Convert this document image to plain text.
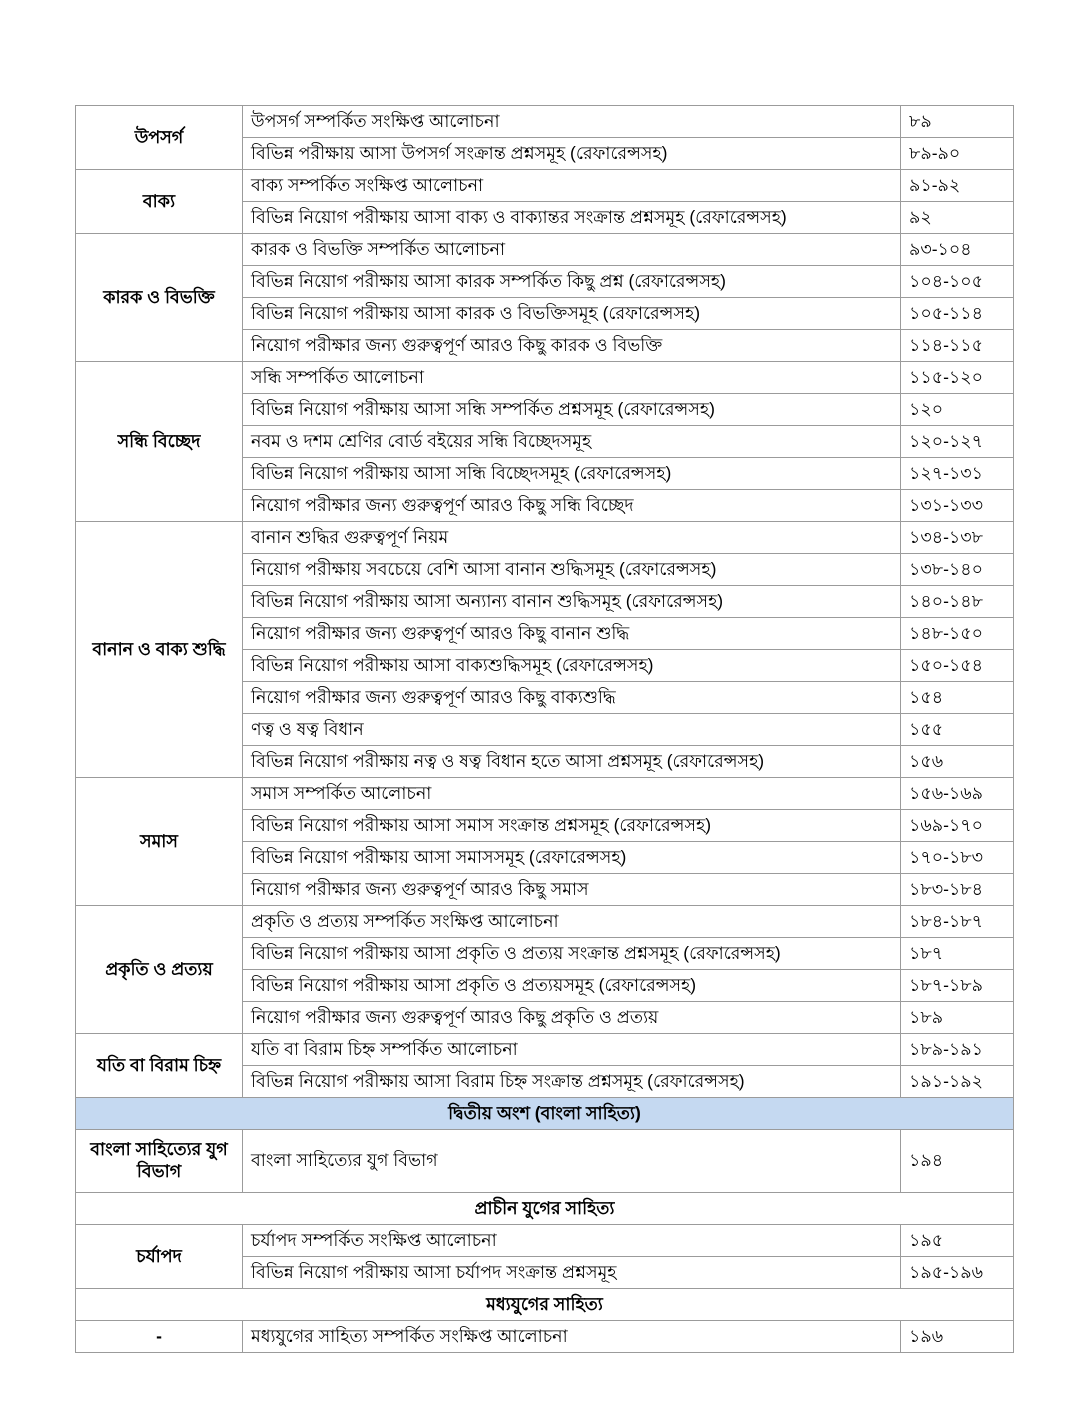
উপসর্গ	উপসর্গ সম্পর্কিত সংক্ষিপ্ত আলোচনা	৮৯
	বিভিন্ন পরীক্ষায় আসা উপসর্গ সংক্রান্ত প্রশ্নসমূহ (রেফারেন্সসহ)	৮৯-৯০
বাক্য	বাক্য সম্পর্কিত সংক্ষিপ্ত আলোচনা	৯১-৯২
	বিভিন্ন নিয়োগ পরীক্ষায় আসা বাক্য ও বাক্যান্তর সংক্রান্ত প্রশ্নসমূহ (রেফারেন্সসহ)	৯২
কারক ও বিভক্তি	কারক ও বিভক্তি সম্পর্কিত আলোচনা	৯৩-১০৪
	বিভিন্ন নিয়োগ পরীক্ষায় আসা কারক সম্পর্কিত কিছু প্রশ্ন (রেফারেন্সসহ)	১০৪-১০৫
	বিভিন্ন নিয়োগ পরীক্ষায় আসা কারক ও বিভক্তিসমূহ (রেফারেন্সসহ)	১০৫-১১৪
	নিয়োগ পরীক্ষার জন্য গুরুত্বপূর্ণ আরও কিছু কারক ও বিভক্তি	১১৪-১১৫
সন্ধি বিচ্ছেদ	সন্ধি সম্পর্কিত আলোচনা	১১৫-১২০
	বিভিন্ন নিয়োগ পরীক্ষায় আসা সন্ধি সম্পর্কিত প্রশ্নসমূহ (রেফারেন্সসহ)	১২০
	নবম ও দশম শ্রেণির বোর্ড বইয়ের সন্ধি বিচ্ছেদসমূহ	১২০-১২৭
	বিভিন্ন নিয়োগ পরীক্ষায় আসা সন্ধি বিচ্ছেদসমূহ (রেফারেন্সসহ)	১২৭-১৩১
	নিয়োগ পরীক্ষার জন্য গুরুত্বপূর্ণ আরও কিছু সন্ধি বিচ্ছেদ	১৩১-১৩৩
বানান ও বাক্য শুদ্ধি	বানান শুদ্ধির গুরুত্বপূর্ণ নিয়ম	১৩৪-১৩৮
	নিয়োগ পরীক্ষায় সবচেয়ে বেশি আসা বানান শুদ্ধিসমূহ (রেফারেন্সসহ)	১৩৮-১৪০
	বিভিন্ন নিয়োগ পরীক্ষায় আসা অন্যান্য বানান শুদ্ধিসমূহ (রেফারেন্সসহ)	১৪০-১৪৮
	নিয়োগ পরীক্ষার জন্য গুরুত্বপূর্ণ আরও কিছু বানান শুদ্ধি	১৪৮-১৫০
	বিভিন্ন নিয়োগ পরীক্ষায় আসা বাক্যশুদ্ধিসমূহ (রেফারেন্সসহ)	১৫০-১৫৪
	নিয়োগ পরীক্ষার জন্য গুরুত্বপূর্ণ আরও কিছু বাক্যশুদ্ধি	১৫৪
	ণত্ব ও ষত্ব বিধান	১৫৫
	বিভিন্ন নিয়োগ পরীক্ষায় নত্ব ও ষত্ব বিধান হতে আসা প্রশ্নসমূহ (রেফারেন্সসহ)	১৫৬
সমাস	সমাস সম্পর্কিত আলোচনা	১৫৬-১৬৯
	বিভিন্ন নিয়োগ পরীক্ষায় আসা সমাস সংক্রান্ত প্রশ্নসমূহ (রেফারেন্সসহ)	১৬৯-১৭০
	বিভিন্ন নিয়োগ পরীক্ষায় আসা সমাসসমূহ (রেফারেন্সসহ)	১৭০-১৮৩
	নিয়োগ পরীক্ষার জন্য গুরুত্বপূর্ণ আরও কিছু সমাস	১৮৩-১৮৪
প্রকৃতি ও প্রত্যয়	প্রকৃতি ও প্রত্যয় সম্পর্কিত সংক্ষিপ্ত আলোচনা	১৮৪-১৮৭
	বিভিন্ন নিয়োগ পরীক্ষায় আসা প্রকৃতি ও প্রত্যয় সংক্রান্ত প্রশ্নসমূহ (রেফারেন্সসহ)	১৮৭
	বিভিন্ন নিয়োগ পরীক্ষায় আসা প্রকৃতি ও প্রত্যয়সমূহ (রেফারেন্সসহ)	১৮৭-১৮৯
	নিয়োগ পরীক্ষার জন্য গুরুত্বপূর্ণ আরও কিছু প্রকৃতি ও প্রত্যয়	১৮৯
যতি বা বিরাম চিহ্ন	যতি বা বিরাম চিহ্ন সম্পর্কিত আলোচনা	১৮৯-১৯১
	বিভিন্ন নিয়োগ পরীক্ষায় আসা বিরাম চিহ্ন সংক্রান্ত প্রশ্নসমূহ (রেফারেন্সসহ)	১৯১-১৯২
দ্বিতীয় অংশ (বাংলা সাহিত্য)		
বাংলা সাহিত্যের যুগ বিভাগ	বাংলা সাহিত্যের যুগ বিভাগ	১৯৪
প্রাচীন যুগের সাহিত্য		
চর্যাপদ	চর্যাপদ সম্পর্কিত সংক্ষিপ্ত আলোচনা	১৯৫
	বিভিন্ন নিয়োগ পরীক্ষায় আসা চর্যাপদ সংক্রান্ত প্রশ্নসমূহ	১৯৫-১৯৬
মধ্যযুগের সাহিত্য		
-	মধ্যযুগের সাহিত্য সম্পর্কিত সংক্ষিপ্ত আলোচনা	১৯৬
